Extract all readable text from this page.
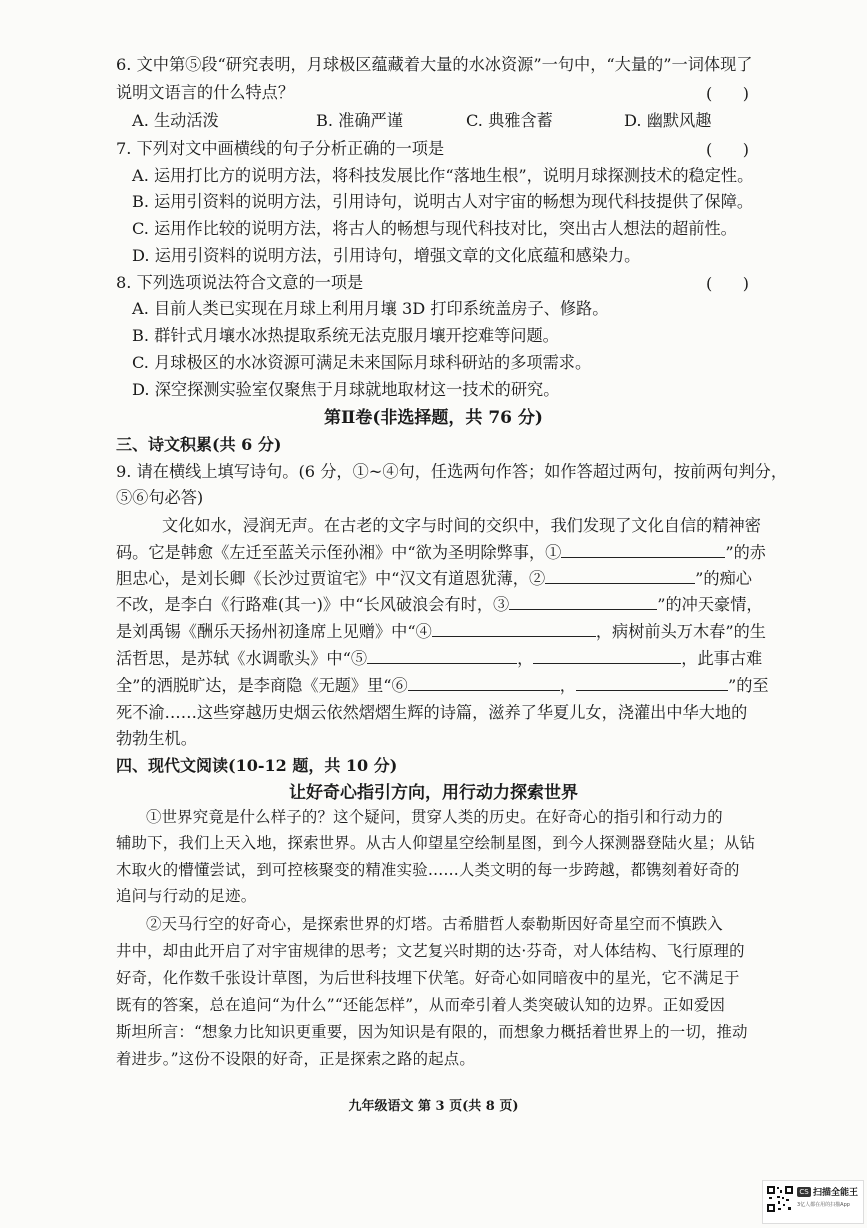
6. 文中第⑤段“研究表明，月球极区蕴藏着大量的水冰资源”一句中，“大量的”一词体现了
说明文语言的什么特点？	(      )
A. 生动活泼	B. 准确严谨	C. 典雅含蓄	D. 幽默风趣
7. 下列对文中画横线的句子分析正确的一项是	(      )
A. 运用打比方的说明方法，将科技发展比作“落地生根”，说明月球探测技术的稳定性。
B. 运用引资料的说明方法，引用诗句，说明古人对宇宙的畅想为现代科技提供了保障。
C. 运用作比较的说明方法，将古人的畅想与现代科技对比，突出古人想法的超前性。
D. 运用引资料的说明方法，引用诗句，增强文章的文化底蕴和感染力。
8. 下列选项说法符合文意的一项是	(      )
A. 目前人类已实现在月球上利用月壤 3D 打印系统盖房子、修路。
B. 群针式月壤水冰热提取系统无法克服月壤开挖难等问题。
C. 月球极区的水冰资源可满足未来国际月球科研站的多项需求。
D. 深空探测实验室仅聚焦于月球就地取材这一技术的研究。
第Ⅱ卷(非选择题，共 76 分)
三、诗文积累(共 6 分)
9. 请在横线上填写诗句。(6 分，①~④句，任选两句作答；如作答超过两句，按前两句判分，
⑤⑥句必答)
文化如水，浸润无声。在古老的文字与时间的交织中，我们发现了文化自信的精神密
码。它是韩愈《左迁至蓝关示侄孙湘》中“欲为圣明除弊事，①	”的赤
胆忠心，是刘长卿《长沙过贾谊宅》中“汉文有道恩犹薄，②	”的痴心
不改，是李白《行路难(其一)》中“长风破浪会有时，③	”的冲天豪情，
是刘禹锡《酬乐天扬州初逢席上见赠》中“④	，病树前头万木春”的生
活哲思，是苏轼《水调歌头》中“⑤	，	，此事古难
全”的洒脱旷达，是李商隐《无题》里“⑥	，	”的至
死不渝……这些穿越历史烟云依然熠熠生辉的诗篇，滋养了华夏儿女，浇灌出中华大地的
勃勃生机。
四、现代文阅读(10-12 题，共 10 分)
让好奇心指引方向，用行动力探索世界
①世界究竟是什么样子的？这个疑问，贯穿人类的历史。在好奇心的指引和行动力的
辅助下，我们上天入地，探索世界。从古人仰望星空绘制星图，到今人探测器登陆火星；从钻
木取火的懵懂尝试，到可控核聚变的精准实验……人类文明的每一步跨越，都镌刻着好奇的
追问与行动的足迹。
②天马行空的好奇心，是探索世界的灯塔。古希腊哲人泰勒斯因好奇星空而不慎跌入
井中，却由此开启了对宇宙规律的思考；文艺复兴时期的达·芬奇，对人体结构、飞行原理的
好奇，化作数千张设计草图，为后世科技埋下伏笔。好奇心如同暗夜中的星光，它不满足于
既有的答案，总在追问“为什么”“还能怎样”，从而牵引着人类突破认知的边界。正如爱因
斯坦所言：“想象力比知识更重要，因为知识是有限的，而想象力概括着世界上的一切，推动
着进步。”这份不设限的好奇，正是探索之路的起点。
九年级语文 第 3 页(共 8 页)
CS 扫描全能王
3亿人都在用的扫描App
